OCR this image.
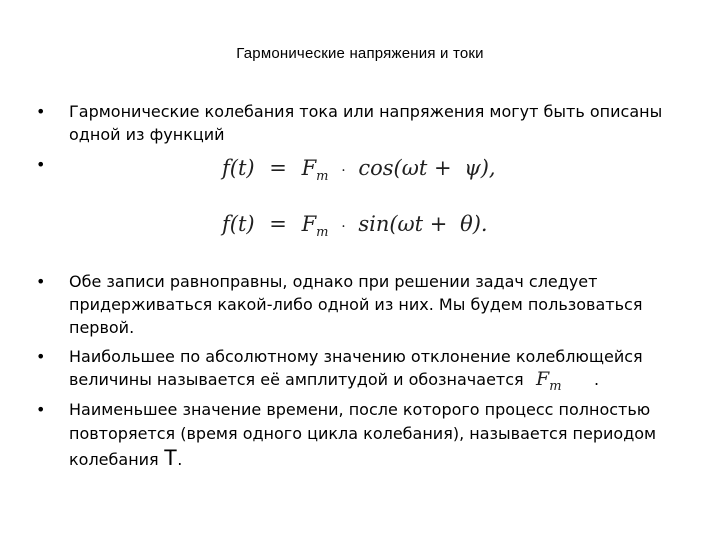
Гармонические напряжения и токи
• Гармонические колебания тока или напряжения могут быть описаны одной из функций
•	$f(t) = F_m \cdot \cos(\omega t + \psi)$,
$f(t) = F_m \cdot \sin(\omega t + \theta)$.
• Обе записи равноправны, однако при решении задач следует придерживаться какой-либо одной из них. Мы будем пользоваться первой.
• Наибольшее по абсолютному значению отклонение колеблющейся величины называется её амплитудой и обозначается $F_m$ .
• Наименьшее значение времени, после которого процесс полностью повторяется (время одного цикла колебания), называется периодом колебания T.
